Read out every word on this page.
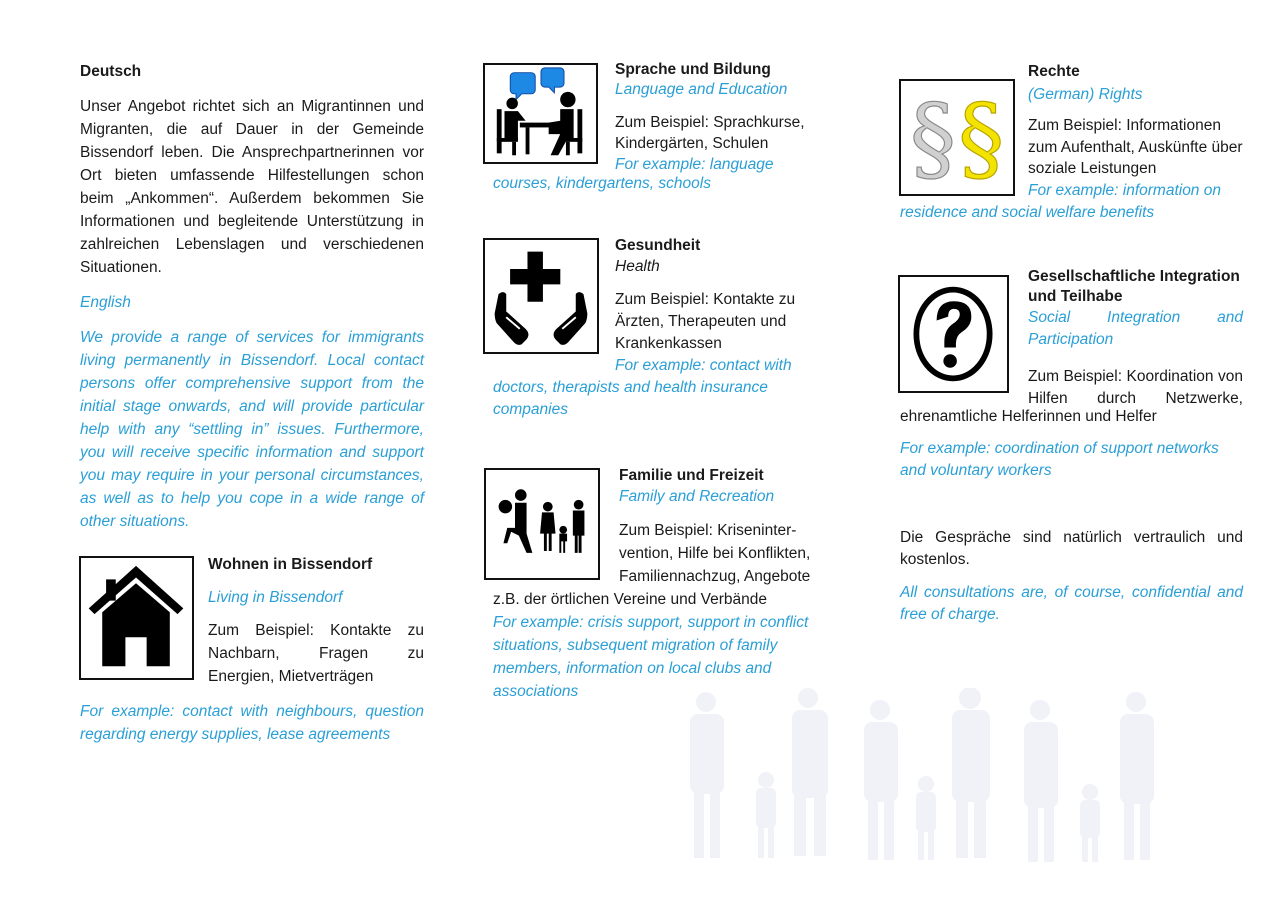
Deutsch

Unser Angebot richtet sich an Migrantinnen und Migranten, die auf Dauer in der Gemeinde Bissendorf leben. Die Ansprechpartnerinnen vor Ort bieten umfassende Hilfestellungen schon beim „Ankommen“. Außerdem bekommen Sie Informationen und begleitende Unterstützung in zahlreichen Lebenslagen und verschiedenen Situationen.

English

We provide a range of services for immigrants living permanently in Bissendorf. Local contact persons offer comprehensive support from the initial stage onwards, and will provide particular help with any “settling in” issues. Furthermore, you will receive specific information and support you may require in your personal circumstances, as well as to help you cope in a wide range of other situations.

Wohnen in Bissendorf

Living in Bissendorf

Zum Beispiel: Kontakte zu Nachbarn, Fragen zu Energien, Mietverträgen

For example: contact with neighbours, question regarding energy supplies, lease agreements

Sprache und Bildung

Language and Education

Zum Beispiel: Sprachkurse, Kindergärten, Schulen

For example: language

courses, kindergartens, schools

Gesundheit

Health

Zum Beispiel: Kontakte zu Ärzten, Therapeuten und Krankenkassen

For example: contact with

doctors, therapists and health insurance companies

Familie und Freizeit

Family and Recreation

Zum Beispiel: Kriseninter-vention, Hilfe bei Konflikten, Familiennachzug, Angebote

z.B. der örtlichen Vereine und Verbände

For example: crisis support, support in conflict situations, subsequent migration of family members, information on local clubs and associations

§ §

Rechte

(German) Rights

Zum Beispiel: Informationen zum Aufenthalt, Auskünfte über soziale Leistungen

For example: information on

residence and social welfare benefits

Gesellschaftliche Integration und Teilhabe

Social Integration and Participation

Zum Beispiel: Koordination von Hilfen durch Netzwerke,

ehrenamtliche Helferinnen und Helfer

For example: coordination of support networks and voluntary workers

Die Gespräche sind natürlich vertraulich und kostenlos.

All consultations are, of course, confidential and free of charge.
